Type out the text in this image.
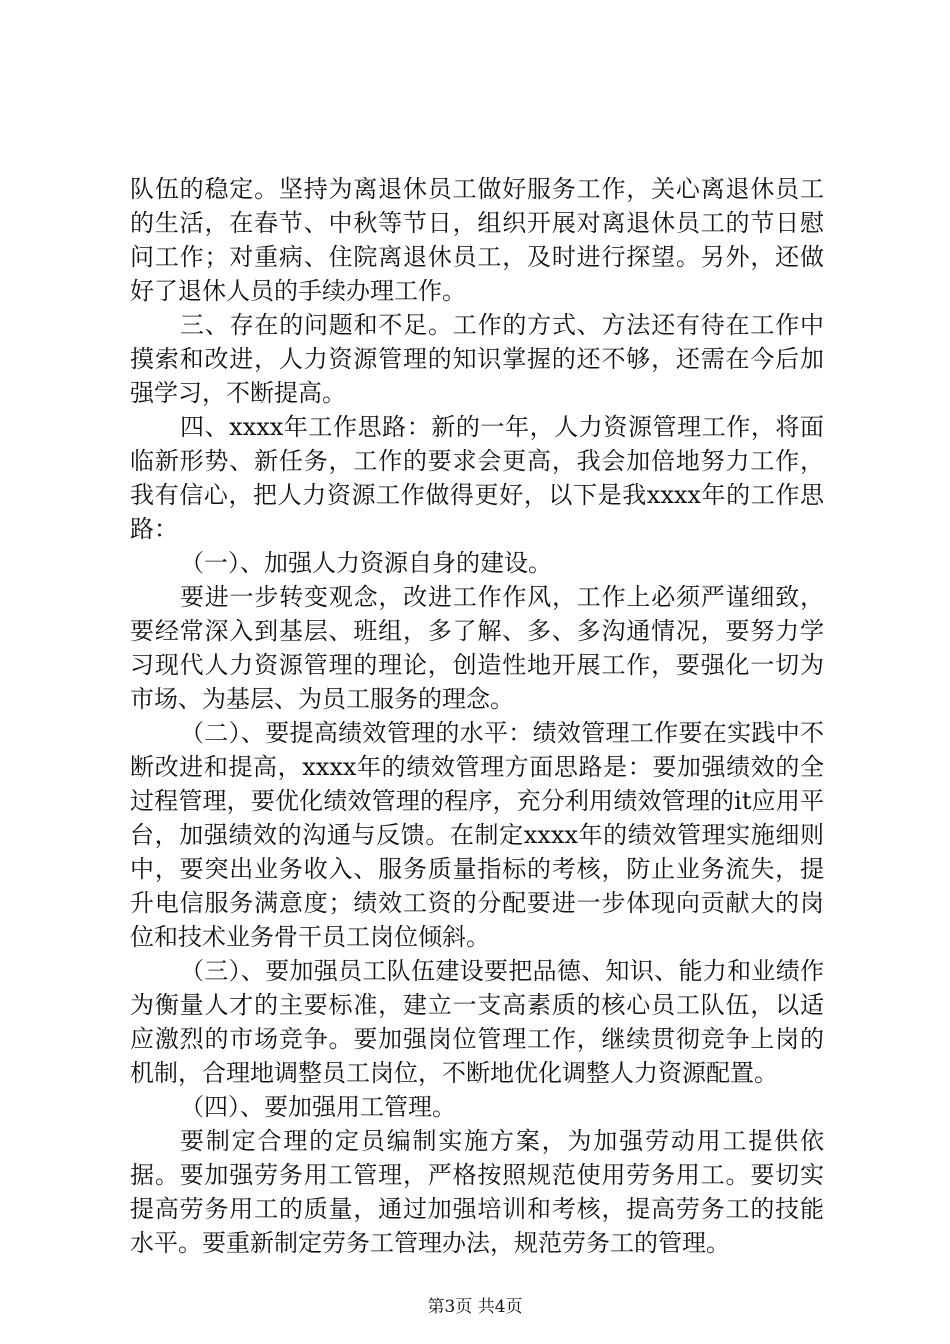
队伍的稳定。坚持为离退休员工做好服务工作，关心离退休员工的生活，在春节、中秋等节日，组织开展对离退休员工的节日慰问工作；对重病、住院离退休员工，及时进行探望。另外，还做好了退休人员的手续办理工作。

三、存在的问题和不足。工作的方式、方法还有待在工作中摸索和改进，人力资源管理的知识掌握的还不够，还需在今后加强学习，不断提高。

四、xxxx年工作思路：新的一年，人力资源管理工作，将面临新形势、新任务，工作的要求会更高，我会加倍地努力工作，我有信心，把人力资源工作做得更好，以下是我xxxx年的工作思路：

（一）、加强人力资源自身的建设。

要进一步转变观念，改进工作作风，工作上必须严谨细致，要经常深入到基层、班组，多了解、多、多沟通情况，要努力学习现代人力资源管理的理论，创造性地开展工作，要强化一切为市场、为基层、为员工服务的理念。

（二）、要提高绩效管理的水平：绩效管理工作要在实践中不断改进和提高，xxxx年的绩效管理方面思路是：要加强绩效的全过程管理，要优化绩效管理的程序，充分利用绩效管理的it应用平台，加强绩效的沟通与反馈。在制定xxxx年的绩效管理实施细则中，要突出业务收入、服务质量指标的考核，防止业务流失，提升电信服务满意度；绩效工资的分配要进一步体现向贡献大的岗位和技术业务骨干员工岗位倾斜。

（三）、要加强员工队伍建设要把品德、知识、能力和业绩作为衡量人才的主要标准，建立一支高素质的核心员工队伍，以适应激烈的市场竞争。要加强岗位管理工作，继续贯彻竞争上岗的机制，合理地调整员工岗位，不断地优化调整人力资源配置。

（四）、要加强用工管理。

要制定合理的定员编制实施方案，为加强劳动用工提供依据。要加强劳务用工管理，严格按照规范使用劳务用工。要切实提高劳务用工的质量，通过加强培训和考核，提高劳务工的技能水平。要重新制定劳务工管理办法，规范劳务工的管理。

第3页 共4页
